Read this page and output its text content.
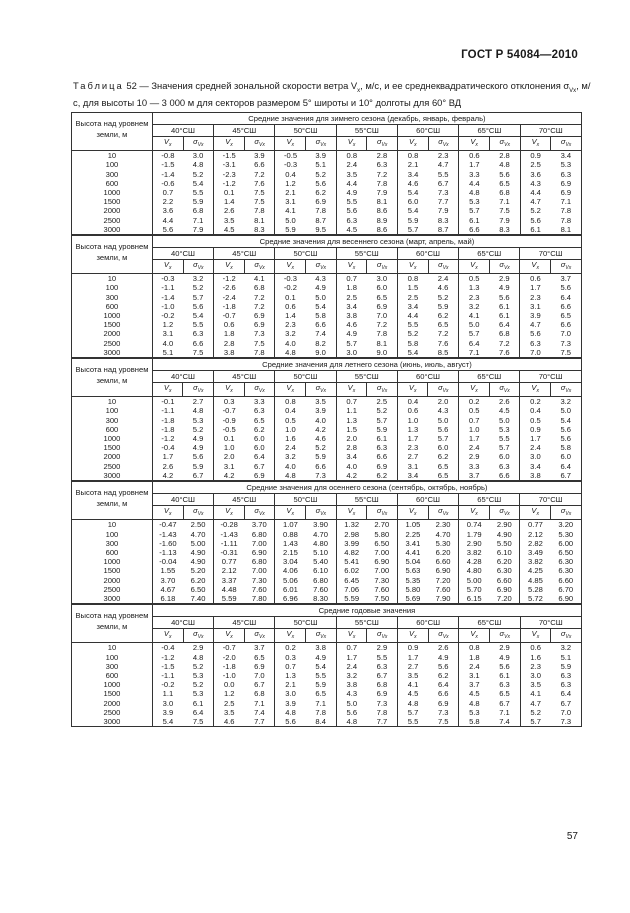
ГОСТ Р 54084—2010
Таблица 52 — Значения средней зональной скорости ветра $V_x$, м/с, и ее среднеквадратического отклонения $\sigma_{Vx}$, м/с, для высоты 10 — 3 000 м для секторов размером 5° широты и 10° долготы для 60° ВД
Высота над уровнем земли, м	Средние значения для зимнего сезона (декабрь, январь, февраль)													
	40°СШ		45°СШ		50°СШ		55°СШ		60°СШ		65°СШ		70°СШ	
	$V_x$	$\sigma_{Vx}$	$V_x$	$\sigma_{Vx}$	$V_x$	$\sigma_{Vx}$	$V_x$	$\sigma_{Vx}$	$V_x$	$\sigma_{Vx}$	$V_x$	$\sigma_{Vx}$	$V_x$	$\sigma_{Vx}$
10	-0.8	3.0	-1.5	3.9	-0.5	3.9	0.8	2.8	0.8	2.3	0.6	2.8	0.9	3.4
100	-1.5	4.8	-3.1	6.6	-0.3	5.1	2.4	6.3	2.1	4.7	1.7	4.8	2.5	5.3
300	-1.4	5.2	-2.3	7.2	0.4	5.2	3.5	7.2	3.4	5.5	3.3	5.6	3.6	6.3
600	-0.6	5.4	-1.2	7.6	1.2	5.6	4.4	7.8	4.6	6.7	4.4	6.5	4.3	6.9
1000	0.7	5.5	0.1	7.5	2.1	6.2	4.9	7.9	5.4	7.3	4.8	6.8	4.4	6.9
1500	2.2	5.9	1.4	7.5	3.1	6.9	5.5	8.1	6.0	7.7	5.3	7.1	4.7	7.1
2000	3.6	6.8	2.6	7.8	4.1	7.8	5.6	8.6	5.4	7.9	5.7	7.5	5.2	7.8
2500	4.4	7.1	3.5	8.1	5.0	8.7	6.3	8.9	5.9	8.3	6.1	7.9	5.6	7.8
3000	5.6	7.9	4.5	8.3	5.9	9.5	4.5	8.6	5.7	8.7	6.6	8.3	6.1	8.1
Высота над уровнем земли, м	Средние значения для весеннего сезона (март, апрель, май)													
	40°СШ		45°СШ		50°СШ		55°СШ		60°СШ		65°СШ		70°СШ	
	$V_x$	$\sigma_{Vx}$	$V_x$	$\sigma_{Vx}$	$V_x$	$\sigma_{Vx}$	$V_x$	$\sigma_{Vx}$	$V_x$	$\sigma_{Vx}$	$V_x$	$\sigma_{Vx}$	$V_x$	$\sigma_{Vx}$
10	-0.3	3.2	-1.2	4.1	-0.3	4.3	0.7	3.0	0.8	2.4	0.5	2.9	0.6	3.7
100	-1.1	5.2	-2.6	6.8	-0.2	4.9	1.8	6.0	1.5	4.6	1.3	4.9	1.7	5.6
300	-1.4	5.7	-2.4	7.2	0.1	5.0	2.5	6.5	2.5	5.2	2.3	5.6	2.3	6.4
600	-1.0	5.6	-1.8	7.2	0.6	5.4	3.4	6.9	3.4	5.9	3.2	6.1	3.1	6.6
1000	-0.2	5.4	-0.7	6.9	1.4	5.8	3.8	7.0	4.4	6.2	4.1	6.1	3.9	6.5
1500	1.2	5.5	0.6	6.9	2.3	6.6	4.6	7.2	5.5	6.5	5.0	6.4	4.7	6.6
2000	3.1	6.3	1.8	7.3	3.2	7.4	4.9	7.8	5.2	7.2	5.7	6.8	5.6	7.0
2500	4.0	6.6	2.8	7.5	4.0	8.2	5.7	8.1	5.8	7.6	6.4	7.2	6.3	7.3
3000	5.1	7.5	3.8	7.8	4.8	9.0	3.0	9.0	5.4	8.5	7.1	7.6	7.0	7.5
Высота над уровнем земли, м	Средние значения для летнего сезона (июнь, июль, август)													
	40°СШ		45°СШ		50°СШ		55°СШ		60°СШ		65°СШ		70°СШ	
	$V_x$	$\sigma_{Vx}$	$V_x$	$\sigma_{Vx}$	$V_x$	$\sigma_{Vx}$	$V_x$	$\sigma_{Vx}$	$V_x$	$\sigma_{Vx}$	$V_x$	$\sigma_{Vx}$	$V_x$	$\sigma_{Vx}$
10	-0.1	2.7	0.3	3.3	0.8	3.5	0.7	2.5	0.4	2.0	0.2	2.6	0.2	3.2
100	-1.1	4.8	-0.7	6.3	0.4	3.9	1.1	5.2	0.6	4.3	0.5	4.5	0.4	5.0
300	-1.8	5.3	-0.9	6.5	0.5	4.0	1.3	5.7	1.0	5.0	0.7	5.0	0.5	5.4
600	-1.8	5.2	-0.5	6.2	1.0	4.2	1.5	5.9	1.3	5.6	1.0	5.3	0.9	5.6
1000	-1.2	4.9	0.1	6.0	1.6	4.6	2.0	6.1	1.7	5.7	1.7	5.5	1.7	5.6
1500	-0.4	4.9	1.0	6.0	2.4	5.2	2.8	6.3	2.3	6.0	2.4	5.7	2.4	5.8
2000	1.7	5.6	2.0	6.4	3.2	5.9	3.4	6.6	2.7	6.2	2.9	6.0	3.0	6.0
2500	2.6	5.9	3.1	6.7	4.0	6.6	4.0	6.9	3.1	6.5	3.3	6.3	3.4	6.4
3000	4.2	6.7	4.2	6.9	4.8	7.3	4.2	6.2	3.4	6.5	3.7	6.6	3.8	6.7
Высота над уровнем земли, м	Средние значения для осеннего сезона (сентябрь, октябрь, ноябрь)													
	40°СШ		45°СШ		50°СШ		55°СШ		60°СШ		65°СШ		70°СШ	
	$V_x$	$\sigma_{Vx}$	$V_x$	$\sigma_{Vx}$	$V_x$	$\sigma_{Vx}$	$V_x$	$\sigma_{Vx}$	$V_x$	$\sigma_{Vx}$	$V_x$	$\sigma_{Vx}$	$V_x$	$\sigma_{Vx}$
10	-0.47	2.50	-0.28	3.70	1.07	3.90	1.32	2.70	1.05	2.30	0.74	2.90	0.77	3.20
100	-1.43	4.70	-1.43	6.80	0.88	4.70	2.98	5.80	2.25	4.70	1.79	4.90	2.12	5.30
300	-1.60	5.00	-1.11	7.00	1.43	4.80	3.99	6.50	3.41	5.30	2.90	5.50	2.82	6.00
600	-1.13	4.90	-0.31	6.90	2.15	5.10	4.82	7.00	4.41	6.20	3.82	6.10	3.49	6.50
1000	-0.04	4.90	0.77	6.80	3.04	5.40	5.41	6.90	5.04	6.60	4.28	6.20	3.82	6.30
1500	1.55	5.20	2.12	7.00	4.06	6.10	6.02	7.00	5.63	6.90	4.80	6.30	4.25	6.30
2000	3.70	6.20	3.37	7.30	5.06	6.80	6.45	7.30	5.35	7.20	5.00	6.60	4.85	6.60
2500	4.67	6.50	4.48	7.60	6.01	7.60	7.06	7.60	5.80	7.60	5.70	6.90	5.28	6.70
3000	6.18	7.40	5.59	7.80	6.96	8.30	5.59	7.50	5.69	7.90	6.15	7.20	5.72	6.90
Высота над уровнем земли, м	Средние годовые значения													
	40°СШ		45°СШ		50°СШ		55°СШ		60°СШ		65°СШ		70°СШ	
	$V_x$	$\sigma_{Vx}$	$V_x$	$\sigma_{Vx}$	$V_x$	$\sigma_{Vx}$	$V_x$	$\sigma_{Vx}$	$V_x$	$\sigma_{Vx}$	$V_x$	$\sigma_{Vx}$	$V_x$	$\sigma_{Vx}$
10	-0.4	2.9	-0.7	3.7	0.2	3.8	0.7	2.9	0.9	2.6	0.8	2.9	0.6	3.2
100	-1.2	4.8	-2.0	6.5	0.3	4.9	1.7	5.5	1.7	4.9	1.8	4.9	1.6	5.1
300	-1.5	5.2	-1.8	6.9	0.7	5.4	2.4	6.3	2.7	5.6	2.4	5.6	2.3	5.9
600	-1.1	5.3	-1.0	7.0	1.3	5.5	3.2	6.7	3.5	6.2	3.1	6.1	3.0	6.3
1000	-0.2	5.2	0.0	6.7	2.1	5.9	3.8	6.8	4.1	6.4	3.7	6.3	3.5	6.3
1500	1.1	5.3	1.2	6.8	3.0	6.5	4.3	6.9	4.5	6.6	4.5	6.5	4.1	6.4
2000	3.0	6.1	2.5	7.1	3.9	7.1	5.0	7.3	4.8	6.9	4.8	6.7	4.7	6.7
2500	3.9	6.4	3.5	7.4	4.8	7.8	5.6	7.8	5.7	7.3	5.3	7.1	5.2	7.0
3000	5.4	7.5	4.6	7.7	5.6	8.4	4.8	7.7	5.5	7.5	5.8	7.4	5.7	7.3
57
